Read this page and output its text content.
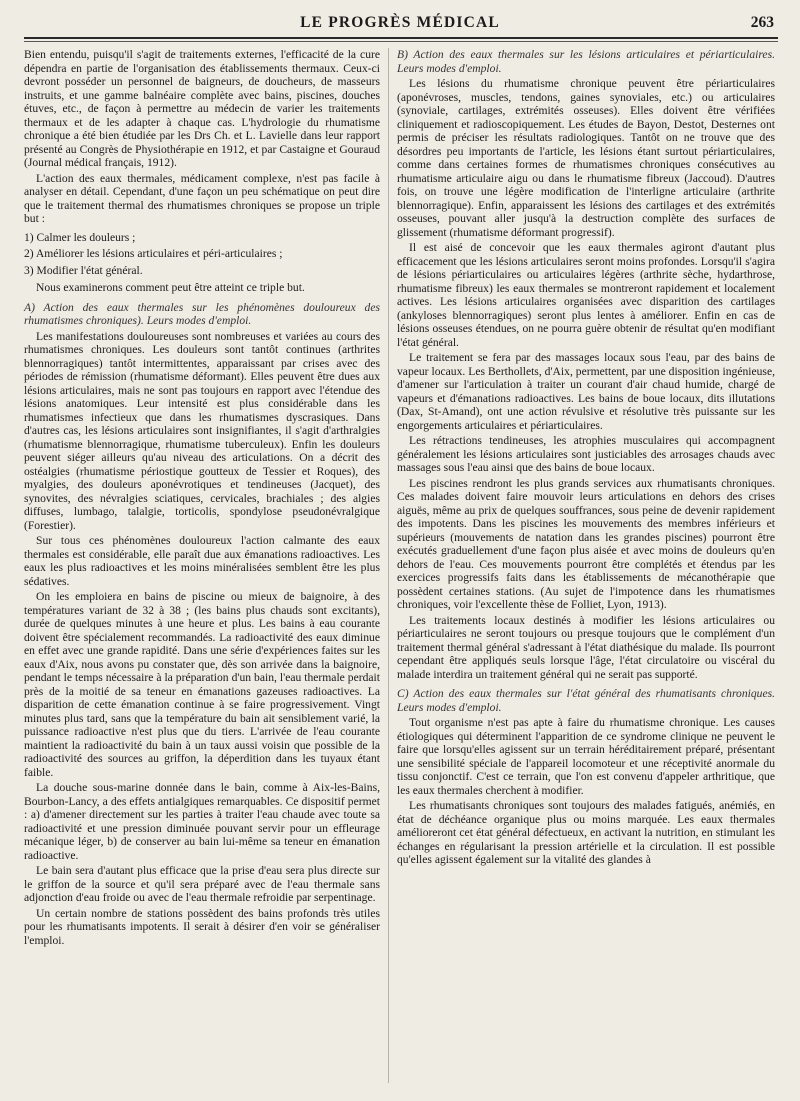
LE PROGRÈS MÉDICAL	263

Bien entendu, puisqu'il s'agit de traitements externes, l'efficacité de la cure dépendra en partie de l'organisation des établissements thermaux. Ceux-ci devront posséder un personnel de baigneurs, de doucheurs, de masseurs instruits, et une gamme balnéaire complète avec bains, piscines, douches étuves, etc., de façon à permettre au médecin de varier les traitements thermaux et de les adapter à chaque cas. L'hydrologie du rhumatisme chronique a été bien étudiée par les Drs Ch. et L. Lavielle dans leur rapport présenté au Congrès de Physiothérapie en 1912, et par Castaigne et Gouraud (Journal médical français, 1912).

L'action des eaux thermales, médicament complexe, n'est pas facile à analyser en détail. Cependant, d'une façon un peu schématique on peut dire que le traitement thermal des rhumatismes chroniques se propose un triple but :

1) Calmer les douleurs ;
2) Améliorer les lésions articulaires et péri-articulaires ;
3) Modifier l'état général.

Nous examinerons comment peut être atteint ce triple but.

A) Action des eaux thermales sur les phénomènes douloureux des rhumatismes chroniques). Leurs modes d'emploi.

Les manifestations douloureuses sont nombreuses et variées au cours des rhumatismes chroniques. Les douleurs sont tantôt continues (arthrites blennorragiques) tantôt intermittentes, apparaissant par crises avec des périodes de rémission (rhumatisme déformant). Elles peuvent être dues aux lésions articulaires, mais ne sont pas toujours en rapport avec l'étendue des lésions anatomiques. Leur intensité est plus considérable dans les rhumatismes infectieux que dans les rhumatismes dyscrasiques. Dans d'autres cas, les lésions articulaires sont insignifiantes, il s'agit d'arthralgies (rhumatisme blennorragique, rhumatisme tuberculeux). Enfin les douleurs peuvent siéger ailleurs qu'au niveau des articulations. On a décrit des ostéalgies (rhumatisme périostique goutteux de Tessier et Roques), des myalgies, des douleurs aponévrotiques et tendineuses (Jacquet), des synovites, des névralgies sciatiques, cervicales, brachiales ; des algies diffuses, lumbago, talalgie, torticolis, spondylose pseudonévralgique (Forestier).

Sur tous ces phénomènes douloureux l'action calmante des eaux thermales est considérable, elle paraît due aux émanations radioactives. Les eaux les plus radioactives et les moins minéralisées semblent être les plus sédatives.

On les emploiera en bains de piscine ou mieux de baignoire, à des températures variant de 32 à 38 ; (les bains plus chauds sont excitants), durée de quelques minutes à une heure et plus. Les bains à eau courante doivent être spécialement recommandés. La radioactivité des eaux diminue en effet avec une grande rapidité. Dans une série d'expériences faites sur les eaux d'Aix, nous avons pu constater que, dès son arrivée dans la baignoire, pendant le temps nécessaire à la préparation d'un bain, l'eau thermale perdait près de la moitié de sa teneur en émanations gazeuses radioactives. La disparition de cette émanation continue à se faire progressivement. Vingt minutes plus tard, sans que la température du bain ait sensiblement varié, la puissance radioactive n'est plus que du tiers. L'arrivée de l'eau courante maintient la radioactivité du bain à un taux aussi voisin que possible de la radioactivité des sources au griffon, la déperdition dans les tuyaux étant faible.

La douche sous-marine donnée dans le bain, comme à Aix-les-Bains, Bourbon-Lancy, a des effets antialgiques remarquables. Ce dispositif permet : a) d'amener directement sur les parties à traiter l'eau chaude avec toute sa radioactivité et une pression diminuée pouvant servir pour un effleurage mécanique léger, b) de conserver au bain lui-même sa teneur en émanation radioactive.

Le bain sera d'autant plus efficace que la prise d'eau sera plus directe sur le griffon de la source et qu'il sera préparé avec de l'eau thermale sans adjonction d'eau froide ou avec de l'eau thermale refroidie par serpentinage.

Un certain nombre de stations possèdent des bains profonds très utiles pour les rhumatisants impotents. Il serait à désirer d'en voir se généraliser l'emploi.

B) Action des eaux thermales sur les lésions articulaires et périarticulaires. Leurs modes d'emploi.

Les lésions du rhumatisme chronique peuvent être périarticulaires (aponévroses, muscles, tendons, gaines synoviales, etc.) ou articulaires (synoviale, cartilages, extrémités osseuses). Elles doivent être vérifiées cliniquement et radioscopiquement. Les études de Bayon, Destot, Desternes ont permis de préciser les résultats radiologiques. Tantôt on ne trouve que des désordres peu importants de l'article, les lésions étant surtout périarticulaires, comme dans certaines formes de rhumatismes chroniques consécutives au rhumatisme articulaire aigu ou dans le rhumatisme fibreux (Jaccoud). D'autres fois, on trouve une légère modification de l'interligne articulaire (arthrite blennorragique). Enfin, apparaissent les lésions des cartilages et des extrémités osseuses, pouvant aller jusqu'à la destruction complète des surfaces de glissement (rhumatisme déformant progressif).

Il est aisé de concevoir que les eaux thermales agiront d'autant plus efficacement que les lésions articulaires seront moins profondes. Lorsqu'il s'agira de lésions périarticulaires ou articulaires légères (arthrite sèche, hydarthrose, rhumatisme fibreux) les eaux thermales se montreront rapidement et localement actives. Les lésions articulaires organisées avec disparition des cartilages (ankyloses blennorragiques) seront plus lentes à améliorer. Enfin en cas de lésions osseuses étendues, on ne pourra guère obtenir de résultat qu'en modifiant l'état général.

Le traitement se fera par des massages locaux sous l'eau, par des bains de vapeur locaux. Les Berthollets, d'Aix, permettent, par une disposition ingénieuse, d'amener sur l'articulation à traiter un courant d'air chaud humide, chargé de vapeurs et d'émanations radioactives. Les bains de boue locaux, dits illutations (Dax, St-Amand), ont une action révulsive et résolutive très puissante sur les engorgements articulaires et périarticulaires.

Les rétractions tendineuses, les atrophies musculaires qui accompagnent généralement les lésions articulaires sont justiciables des arrosages chauds avec massages sous l'eau ainsi que des bains de boue locaux.

Les piscines rendront les plus grands services aux rhumatisants chroniques. Ces malades doivent faire mouvoir leurs articulations en dehors des crises aiguës, même au prix de quelques souffrances, sous peine de devenir rapidement des impotents. Dans les piscines les mouvements des membres inférieurs et supérieurs (mouvements de natation dans les grandes piscines) pourront être exécutés graduellement d'une façon plus aisée et avec moins de douleurs qu'en dehors de l'eau. Ces mouvements pourront être complétés et étendus par les exercices progressifs faits dans les établissements de mécanothérapie que possèdent certaines stations. (Au sujet de l'impotence dans les rhumatismes chroniques, voir l'excellente thèse de Folliet, Lyon, 1913).

Les traitements locaux destinés à modifier les lésions articulaires ou périarticulaires ne seront toujours ou presque toujours que le complément d'un traitement thermal général s'adressant à l'état diathésique du malade. Ils pourront cependant être appliqués seuls lorsque l'âge, l'état circulatoire ou viscéral du malade interdira un traitement général qui ne serait pas supporté.

C) Action des eaux thermales sur l'état général des rhumatisants chroniques. Leurs modes d'emploi.

Tout organisme n'est pas apte à faire du rhumatisme chronique. Les causes étiologiques qui déterminent l'apparition de ce syndrome clinique ne peuvent le faire que lorsqu'elles agissent sur un terrain héréditairement préparé, présentant une sensibilité spéciale de l'appareil locomoteur et une réceptivité anormale du tissu conjonctif. C'est ce terrain, que l'on est convenu d'appeler arthritique, que les eaux thermales cherchent à modifier.

Les rhumatisants chroniques sont toujours des malades fatigués, anémiés, en état de déchéance organique plus ou moins marquée. Les eaux thermales amélioreront cet état général défectueux, en activant la nutrition, en stimulant les échanges en régularisant la pression artérielle et la circulation. Il est possible qu'elles agissent également sur la vitalité des glandes à
